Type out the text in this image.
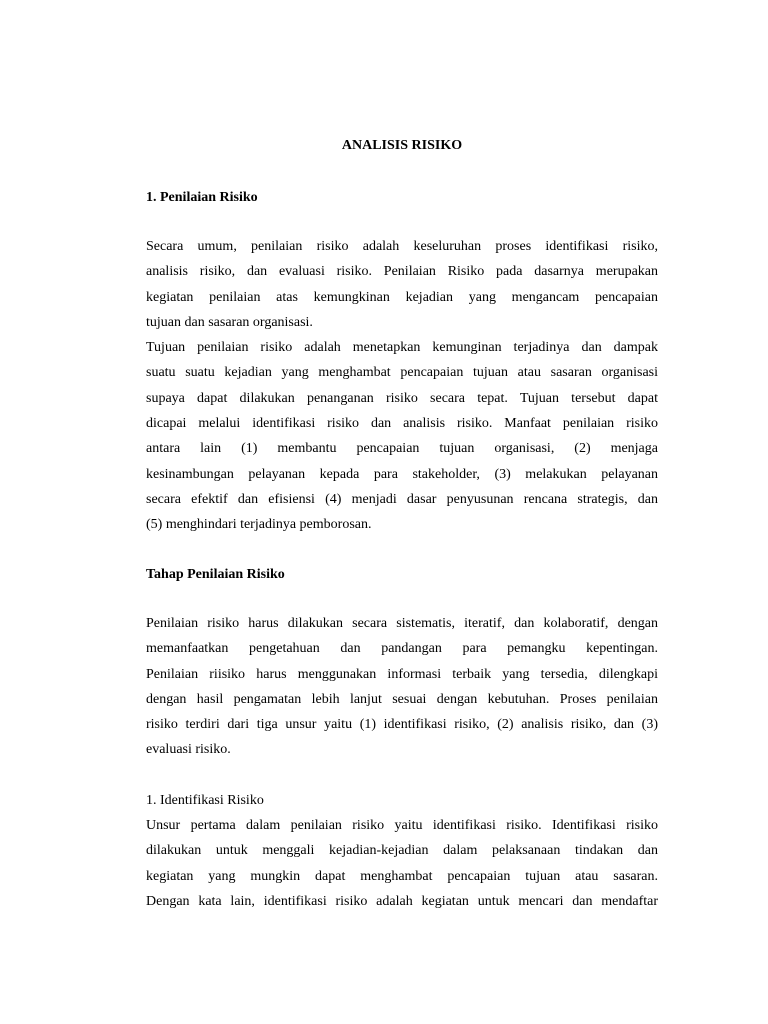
ANALISIS RISIKO
1. Penilaian Risiko
Secara umum, penilaian risiko adalah keseluruhan proses identifikasi risiko,
analisis risiko, dan evaluasi risiko. Penilaian Risiko pada dasarnya merupakan
kegiatan penilaian atas kemungkinan kejadian yang mengancam pencapaian
tujuan dan sasaran organisasi.
Tujuan penilaian risiko adalah menetapkan kemunginan terjadinya dan dampak
suatu suatu kejadian yang menghambat pencapaian tujuan atau sasaran organisasi
supaya dapat dilakukan penanganan risiko secara tepat. Tujuan tersebut dapat
dicapai melalui identifikasi risiko dan analisis risiko. Manfaat penilaian risiko
antara lain (1) membantu pencapaian tujuan organisasi, (2) menjaga
kesinambungan pelayanan kepada para stakeholder, (3) melakukan pelayanan
secara efektif dan efisiensi (4) menjadi dasar penyusunan rencana strategis, dan
(5) menghindari terjadinya pemborosan.
Tahap Penilaian Risiko
Penilaian risiko harus dilakukan secara sistematis, iteratif, dan kolaboratif, dengan
memanfaatkan pengetahuan dan pandangan para pemangku kepentingan.
Penilaian riisiko harus menggunakan informasi terbaik yang tersedia, dilengkapi
dengan hasil pengamatan lebih lanjut sesuai dengan kebutuhan. Proses penilaian
risiko terdiri dari tiga unsur yaitu (1) identifikasi risiko, (2) analisis risiko, dan (3)
evaluasi risiko.
1. Identifikasi Risiko
Unsur pertama dalam penilaian risiko yaitu identifikasi risiko. Identifikasi risiko
dilakukan untuk menggali kejadian-kejadian dalam pelaksanaan tindakan dan
kegiatan yang mungkin dapat menghambat pencapaian tujuan atau sasaran.
Dengan kata lain, identifikasi risiko adalah kegiatan untuk mencari dan mendaftar
